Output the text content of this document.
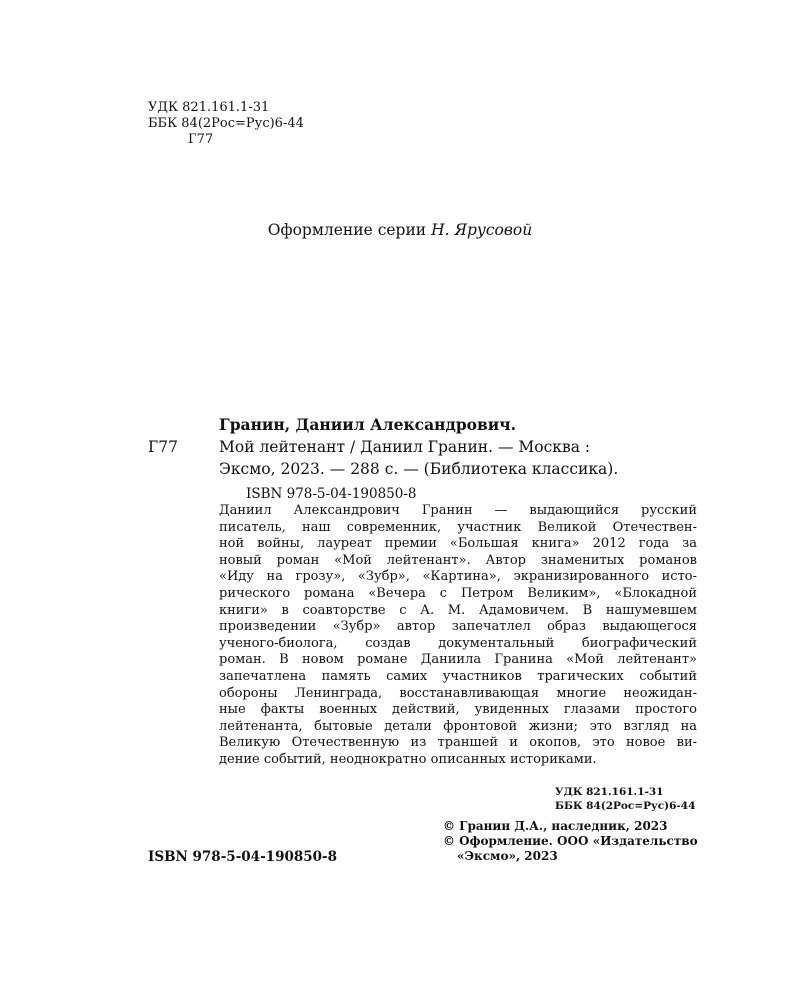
УДК 821.161.1-31
ББК 84(2Рос=Рус)6-44
Г77
Оформление серии Н. Ярусовой
Гранин, Даниил Александрович.
Г77	Мой лейтенант / Даниил Гранин. — Москва :
Эксмо, 2023. — 288 с. — (Библиотека классика).
ISBN 978-5-04-190850-8
Даниил Александрович Гранин — выдающийся русский
писатель, наш современник, участник Великой Отечествен-
ной войны, лауреат премии «Большая книга» 2012 года за
новый роман «Мой лейтенант». Автор знаменитых романов
«Иду на грозу», «Зубр», «Картина», экранизированного исто-
рического романа «Вечера с Петром Великим», «Блокадной
книги» в соавторстве с А. М. Адамовичем. В нашумевшем
произведении «Зубр» автор запечатлел образ выдающегося
ученого-биолога, создав документальный биографический
роман. В новом романе Даниила Гранина «Мой лейтенант»
запечатлена память самих участников трагических событий
обороны Ленинграда, восстанавливающая многие неожидан-
ные факты военных действий, увиденных глазами простого
лейтенанта, бытовые детали фронтовой жизни; это взгляд на
Великую Отечественную из траншей и окопов, это новое ви-
дение событий, неоднократно описанных историками.
УДК 821.161.1-31
ББК 84(2Рос=Рус)6-44
© Гранин Д.А., наследник, 2023
© Оформление. ООО «Издательство
«Эксмо», 2023
ISBN 978-5-04-190850-8
